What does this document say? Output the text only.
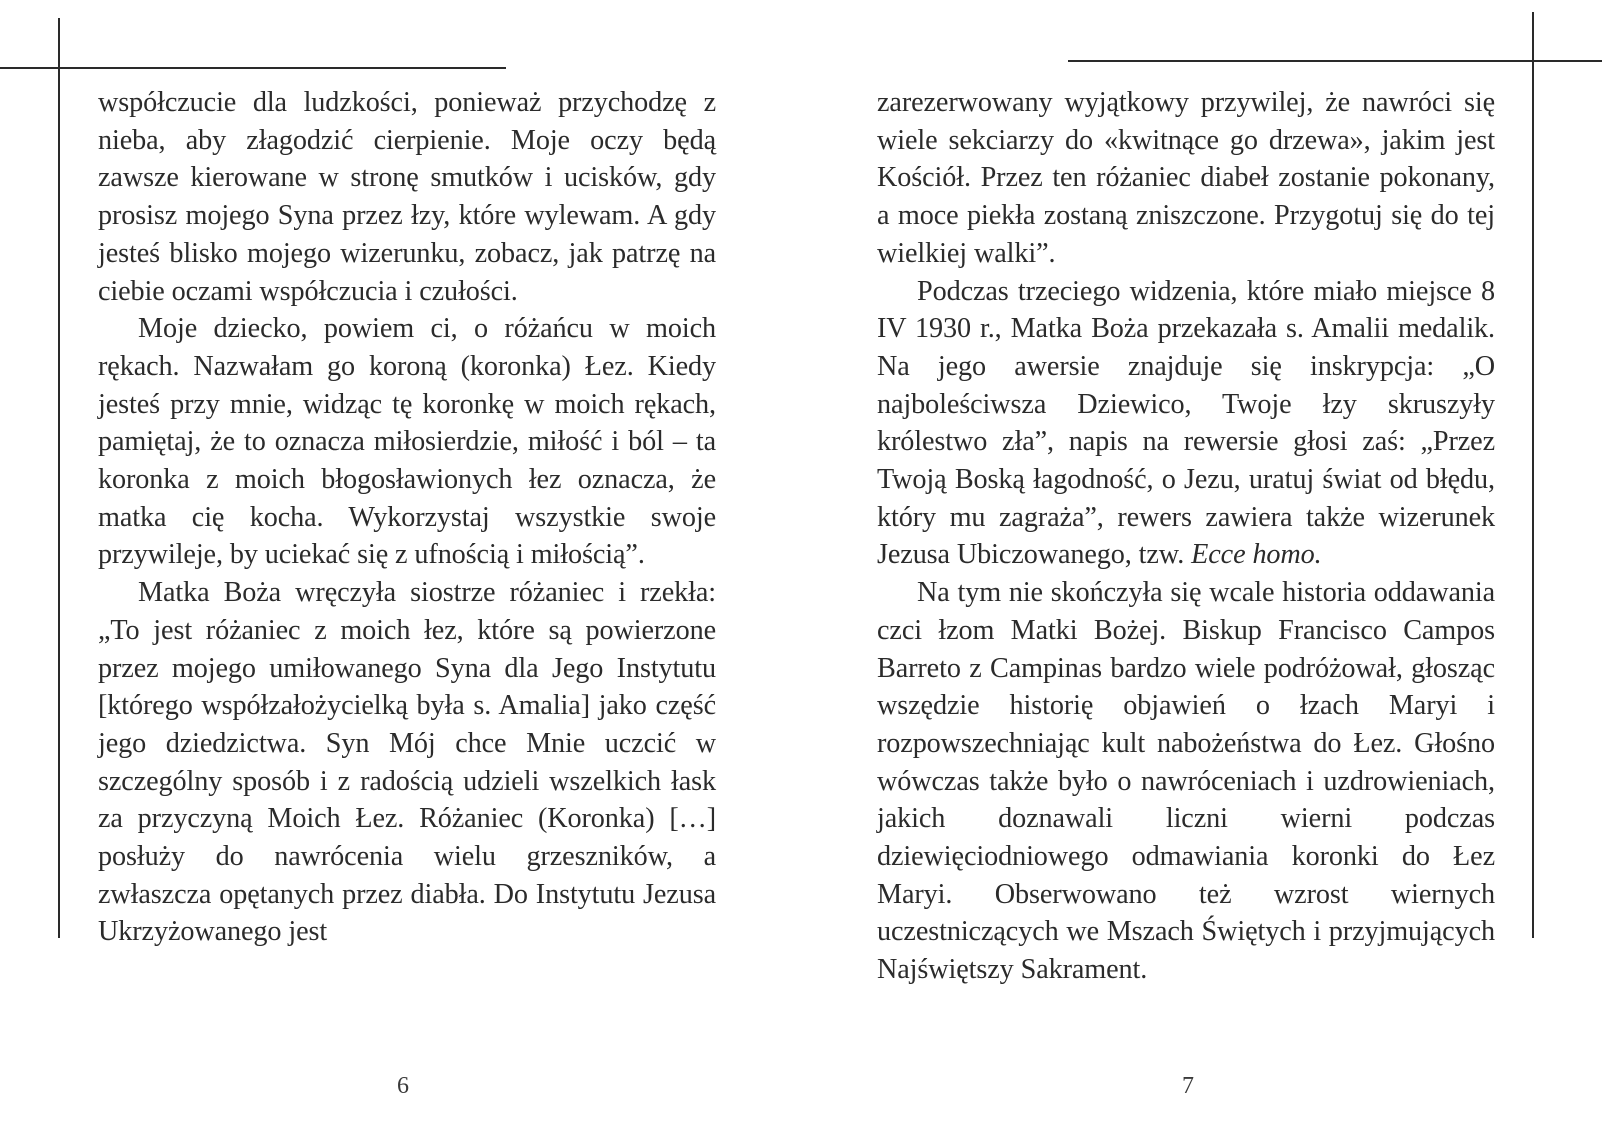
współczucie dla ludzkości, ponieważ przychodzę z nieba, aby złagodzić cierpienie. Moje oczy będą zawsze kierowane w stronę smutków i ucisków, gdy prosisz mojego Syna przez łzy, które wylewam. A gdy jesteś blisko mojego wizerunku, zobacz, jak patrzę na ciebie oczami współczucia i czułości.

Moje dziecko, powiem ci, o różańcu w moich rękach. Nazwałam go koroną (koronka) Łez. Kiedy jesteś przy mnie, widząc tę koronkę w moich rękach, pamiętaj, że to oznacza miłosierdzie, miłość i ból – ta koronka z moich błogosławionych łez oznacza, że matka cię kocha. Wykorzystaj wszystkie swoje przywileje, by uciekać się z ufnością i miłością”.

Matka Boża wręczyła siostrze różaniec i rzekła: „To jest różaniec z moich łez, które są powierzone przez mojego umiłowanego Syna dla Jego Instytutu [którego współzałożycielką była s. Amalia] jako część jego dziedzictwa. Syn Mój chce Mnie uczcić w szczególny sposób i z radością udzieli wszelkich łask za przyczyną Moich Łez. Różaniec (Koronka) […] posłuży do nawrócenia wielu grzeszników, a zwłaszcza opętanych przez diabła. Do Instytutu Jezusa Ukrzyżowanego jest

zarezerwowany wyjątkowy przywilej, że nawróci się wiele sekciarzy do «kwitnące go drzewa», jakim jest Kościół. Przez ten różaniec diabeł zostanie pokonany, a moce piekła zostaną zniszczone. Przygotuj się do tej wielkiej walki”.

Podczas trzeciego widzenia, które miało miejsce 8 IV 1930 r., Matka Boża przekazała s. Amalii medalik. Na jego awersie znajduje się inskrypcja: „O najboleściwsza Dziewico, Twoje łzy skruszyły królestwo zła”, napis na rewersie głosi zaś: „Przez Twoją Boską łagodność, o Jezu, uratuj świat od błędu, który mu zagraża”, rewers zawiera także wizerunek Jezusa Ubiczowanego, tzw. Ecce homo.

Na tym nie skończyła się wcale historia oddawania czci łzom Matki Bożej. Biskup Francisco Campos Barreto z Campinas bardzo wiele podróżował, głosząc wszędzie historię objawień o łzach Maryi i rozpowszechniając kult nabożeństwa do Łez. Głośno wówczas także było o nawróceniach i uzdrowieniach, jakich doznawali liczni wierni podczas dziewięciodniowego odmawiania koronki do Łez Maryi. Obserwowano też wzrost wiernych uczestniczących we Mszach Świętych i przyjmujących Najświętszy Sakrament.

6	7
